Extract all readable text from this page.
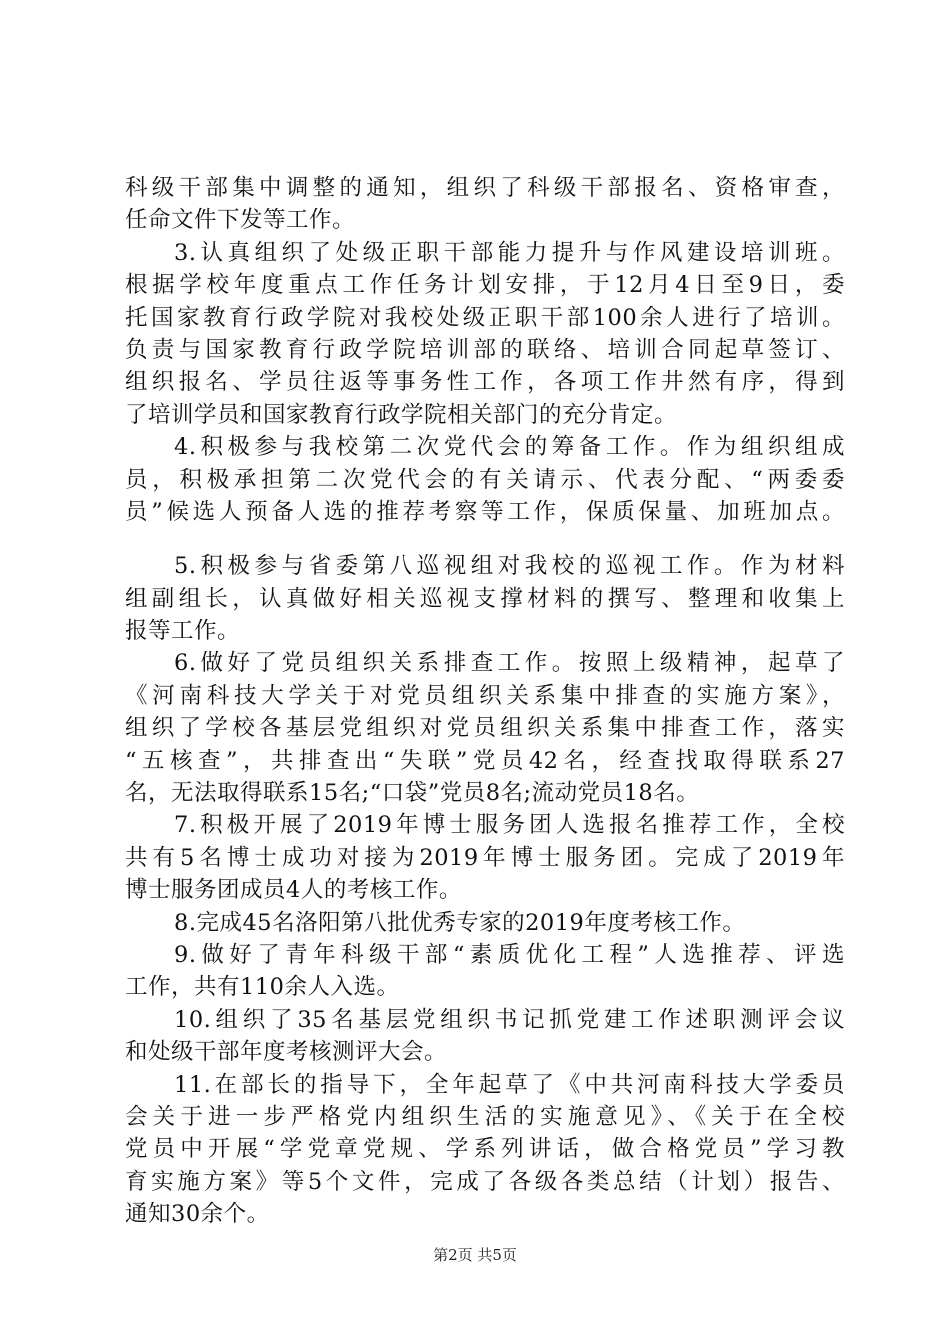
科级干部集中调整的通知，组织了科级干部报名、资格审查，
任命文件下发等工作。
3.认真组织了处级正职干部能力提升与作风建设培训班。
根据学校年度重点工作任务计划安排，于12月4日至9日，委
托国家教育行政学院对我校处级正职干部100余人进行了培训。
负责与国家教育行政学院培训部的联络、培训合同起草签订、
组织报名、学员往返等事务性工作，各项工作井然有序，得到
了培训学员和国家教育行政学院相关部门的充分肯定。
4.积极参与我校第二次党代会的筹备工作。作为组织组成
员，积极承担第二次党代会的有关请示、代表分配、“两委委
员”候选人预备人选的推荐考察等工作，保质保量、加班加点。
5.积极参与省委第八巡视组对我校的巡视工作。作为材料
组副组长，认真做好相关巡视支撑材料的撰写、整理和收集上
报等工作。
6.做好了党员组织关系排查工作。按照上级精神，起草了
《河南科技大学关于对党员组织关系集中排查的实施方案》，
组织了学校各基层党组织对党员组织关系集中排查工作，落实
“五核查”，共排查出“失联”党员42名，经查找取得联系27
名，无法取得联系15名;“口袋”党员8名;流动党员18名。
7.积极开展了2019年博士服务团人选报名推荐工作，全校
共有5名博士成功对接为2019年博士服务团。完成了2019年
博士服务团成员4人的考核工作。
8.完成45名洛阳第八批优秀专家的2019年度考核工作。
9.做好了青年科级干部“素质优化工程”人选推荐、评选
工作，共有110余人入选。
10.组织了35名基层党组织书记抓党建工作述职测评会议
和处级干部年度考核测评大会。
11.在部长的指导下，全年起草了《中共河南科技大学委员
会关于进一步严格党内组织生活的实施意见》、《关于在全校
党员中开展“学党章党规、学系列讲话，做合格党员”学习教
育实施方案》等5个文件，完成了各级各类总结（计划）报告、
通知30余个。
第2页 共5页
